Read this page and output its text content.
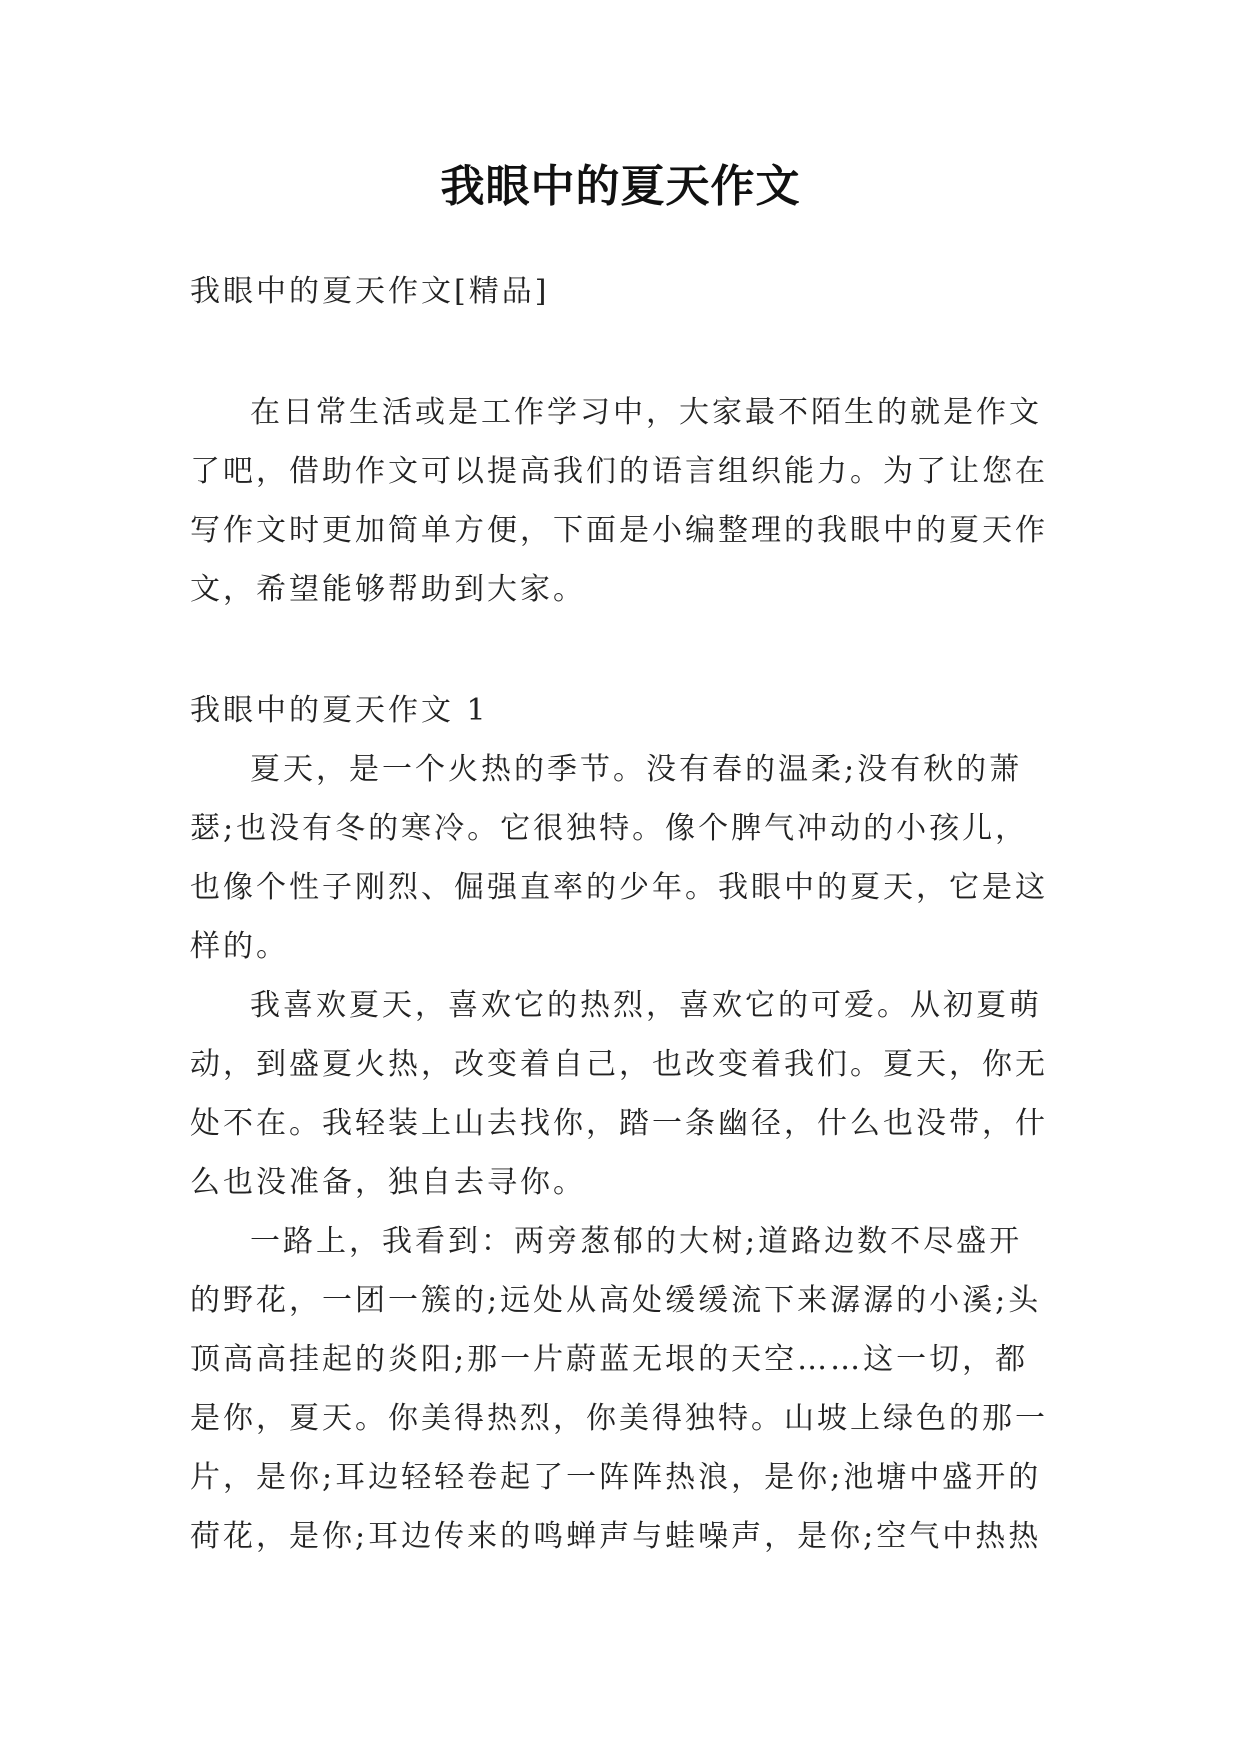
我眼中的夏天作文

我眼中的夏天作文[精品]

在日常生活或是工作学习中，大家最不陌生的就是作文了吧，借助作文可以提高我们的语言组织能力。为了让您在写作文时更加简单方便，下面是小编整理的我眼中的夏天作文，希望能够帮助到大家。

我眼中的夏天作文 1

夏天，是一个火热的季节。没有春的温柔;没有秋的萧瑟;也没有冬的寒冷。它很独特。像个脾气冲动的小孩儿，也像个性子刚烈、倔强直率的少年。我眼中的夏天，它是这样的。

我喜欢夏天，喜欢它的热烈，喜欢它的可爱。从初夏萌动，到盛夏火热，改变着自己，也改变着我们。夏天，你无处不在。我轻装上山去找你，踏一条幽径，什么也没带，什么也没准备，独自去寻你。

一路上，我看到：两旁葱郁的大树;道路边数不尽盛开的野花，一团一簇的;远处从高处缓缓流下来潺潺的小溪;头顶高高挂起的炎阳;那一片蔚蓝无垠的天空……这一切，都是你，夏天。你美得热烈，你美得独特。山坡上绿色的那一片，是你;耳边轻轻卷起了一阵阵热浪，是你;池塘中盛开的荷花，是你;耳边传来的鸣蝉声与蛙噪声，是你;空气中热热
